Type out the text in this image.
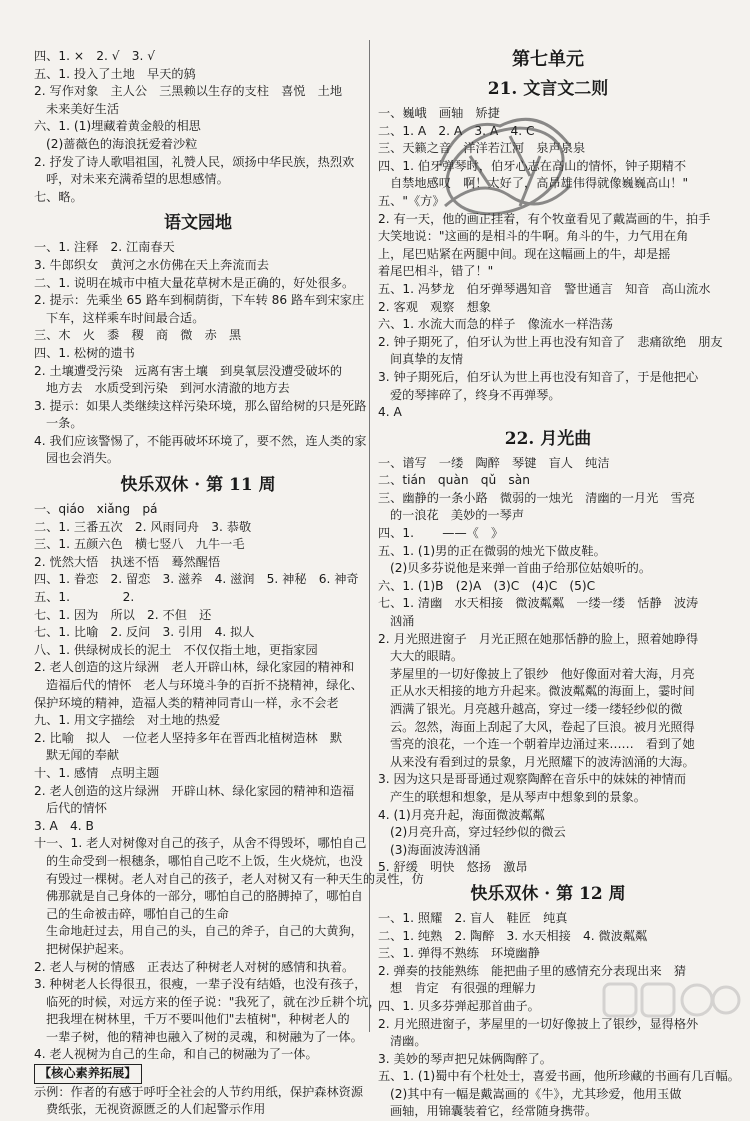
四、1. ×　2. √　3. √
五、1. 投入了土地　早天的鸫
2. 写作对象　主人公　三黑赖以生存的支柱　喜悦　土地
未来美好生活
六、1. (1)埋藏着黄金般的相思
(2)蔷薇色的海浪抚爱着沙粒
2. 抒发了诗人歌唱祖国，礼赞人民，颂扬中华民族，热烈欢
呼，对未来充满希望的思想感情。
七、略。
语文园地
一、1. 注释　2. 江南春天
3. 牛郎织女　黄河之水仿佛在天上奔流而去
二、1. 说明在城市中植大量花草树木是正确的，好处很多。
2. 提示：先乘坐 65 路车到桐荫街，下车转 86 路车到宋家庄
下车，这样乘车时间最合适。
三、木　火　黍　稷　商　微　赤　黑
四、1. 松树的遗书
2. 土壤遭受污染　远离有害土壤　到臭氧层没遭受破坏的
地方去　水质受到污染　到河水清澈的地方去
3. 提示：如果人类继续这样污染环境，那么留给树的只是死路
一条。
4. 我们应该警惕了，不能再破坏环境了，要不然，连人类的家
园也会消失。
快乐双休 · 第 11 周
一、qiáo　xiǎng　pá
二、1. 三番五次　2. 风雨同舟　3. 恭敬
三、1. 五颜六色　横七竖八　九牛一毛
2. 恍然大悟　执迷不悟　蓦然醒悟
四、1. 眷恋　2. 留恋　3. 滋养　4. 滋润　5. 神秘　6. 神奇
五、1. 　　　　2. 　　　　
七、1. 因为　所以　2. 不但　还
七、1. 比喻　2. 反问　3. 引用　4. 拟人
八、1. 供绿树成长的泥土　不仅仅指土地，更指家园
2. 老人创造的这片绿洲　老人开辟山林，绿化家园的精神和
造福后代的情怀　老人与环境斗争的百折不挠精神，绿化、
保护环境的精神，造福人类的精神同青山一样，永不会老
九、1. 用文字描绘　对土地的热爱
2. 比喻　拟人　一位老人坚持多年在晋西北植树造林　默
默无闻的奉献
十、1. 感情　点明主题
2. 老人创造的这片绿洲　开辟山林、绿化家园的精神和造福
后代的情怀
3. A　4. B
十一、1. 老人对树像对自己的孩子，从舍不得毁坏，哪怕自己
的生命受到一根穗条，哪怕自己吃不上饭，生火烧炕，也没
有毁过一棵树。老人对自己的孩子，老人对树又有一种天生的灵性，仿
佛那就是自己身体的一部分，哪怕自己的胳膊掉了，哪怕自
己的生命被击碎，哪怕自己的生命
生命地赶过去，用自己的头，自己的斧子，自己的大黄狗，
把树保护起来。
2. 老人与树的情感　正表达了种树老人对树的感情和执着。
3. 种树老人长得很丑，很瘦，一辈子没有结婚，也没有孩子，
临死的时候，对远方来的侄子说："我死了，就在沙丘耕个坑，
把我埋在树林里，千万不要叫他们"去植树"，种树老人的
一辈子树，他的精神也融入了树的灵魂，和树融为了一体。
4. 老人视树为自己的生命，和自己的树融为了一体。
【核心素养拓展】
示例：作者的有感于呼吁全社会的人节约用纸，保护森林资源
费纸张，无视资源匮乏的人们起警示作用
第七单元
21. 文言文二则
一、巍峨　画轴　矫捷
二、1. A　2. A　3. A　4. C
三、天籁之音　洋洋若江河　泉声泉泉
四、1. 伯牙弹琴时，伯牙心志在高山的情怀，钟子期精不
自禁地感叹　啊！太好了，高昂雄伟得就像巍巍高山！"
五、"《方》
2. 有一天，他的画正挂着，有个牧童看见了戴嵩画的牛，拍手
大笑地说："这画的是相斗的牛啊。角斗的牛，力气用在角
上，尾巴贴紧在两腿中间。现在这幅画上的牛，却是摇
着尾巴相斗，错了！"
五、1. 冯梦龙　伯牙弹琴遇知音　警世通言　知音　高山流水
2. 客观　观察　想象
六、1. 水流大而急的样子　像流水一样浩荡
2. 钟子期死了，伯牙认为世上再也没有知音了　悲痛欲绝　朋友
间真挚的友情
3. 钟子期死后，伯牙认为世上再也没有知音了，于是他把心
爱的琴摔碎了，终身不再弹琴。
4. A
22. 月光曲
一、谱写　一缕　陶醉　琴键　盲人　纯洁
二、tián　quàn　qǔ　sàn
三、幽静的一条小路　微弱的一烛光　清幽的一月光　雪亮
的一浪花　美妙的一琴声
四、1. 　　——《　》
五、1. (1)男的正在微弱的烛光下做皮鞋。
(2)贝多芬说他是来弹一首曲子给那位姑娘听的。
六、1. (1)B　(2)A　(3)C　(4)C　(5)C
七、1. 清幽　水天相接　微波粼粼　一缕一缕　恬静　波涛
汹涌
2. 月光照进窗子　月光正照在她那恬静的脸上，照着她睁得
大大的眼睛。
茅屋里的一切好像披上了银纱　他好像面对着大海，月亮
正从水天相接的地方升起来。微波粼粼的海面上，霎时间
洒满了银光。月亮越升越高，穿过一缕一缕轻纱似的微
云。忽然，海面上刮起了大风，卷起了巨浪。被月光照得
雪亮的浪花，一个连一个朝着岸边涌过来……　看到了她
从来没有看到过的景象，月光照耀下的波涛汹涌的大海。
3. 因为这只是哥哥通过观察陶醉在音乐中的妹妹的神情而
产生的联想和想象，是从琴声中想象到的景象。
4. (1)月亮升起，海面微波粼粼
(2)月亮升高，穿过轻纱似的微云
(3)海面波涛汹涌
5. 舒缓　明快　悠扬　激昂
快乐双休 · 第 12 周
一、1. 照耀　2. 盲人　鞋匠　纯真
二、1. 纯熟　2. 陶醉　3. 水天相接　4. 微波粼粼
三、1. 弹得不熟练　环境幽静
2. 弹奏的技能熟练　能把曲子里的感情充分表现出来　猜
想　肯定　有很强的理解力
四、1. 贝多芬弹起那首曲子。
2. 月光照进窗子，茅屋里的一切好像披上了银纱，显得格外
清幽。
3. 美妙的琴声把兄妹俩陶醉了。
五、1. (1)蜀中有个杜处士，喜爱书画，他所珍藏的书画有几百幅。
(2)其中有一幅是戴嵩画的《牛》，尤其珍爱，他用玉做
画轴，用锦囊装着它，经常随身携带。
